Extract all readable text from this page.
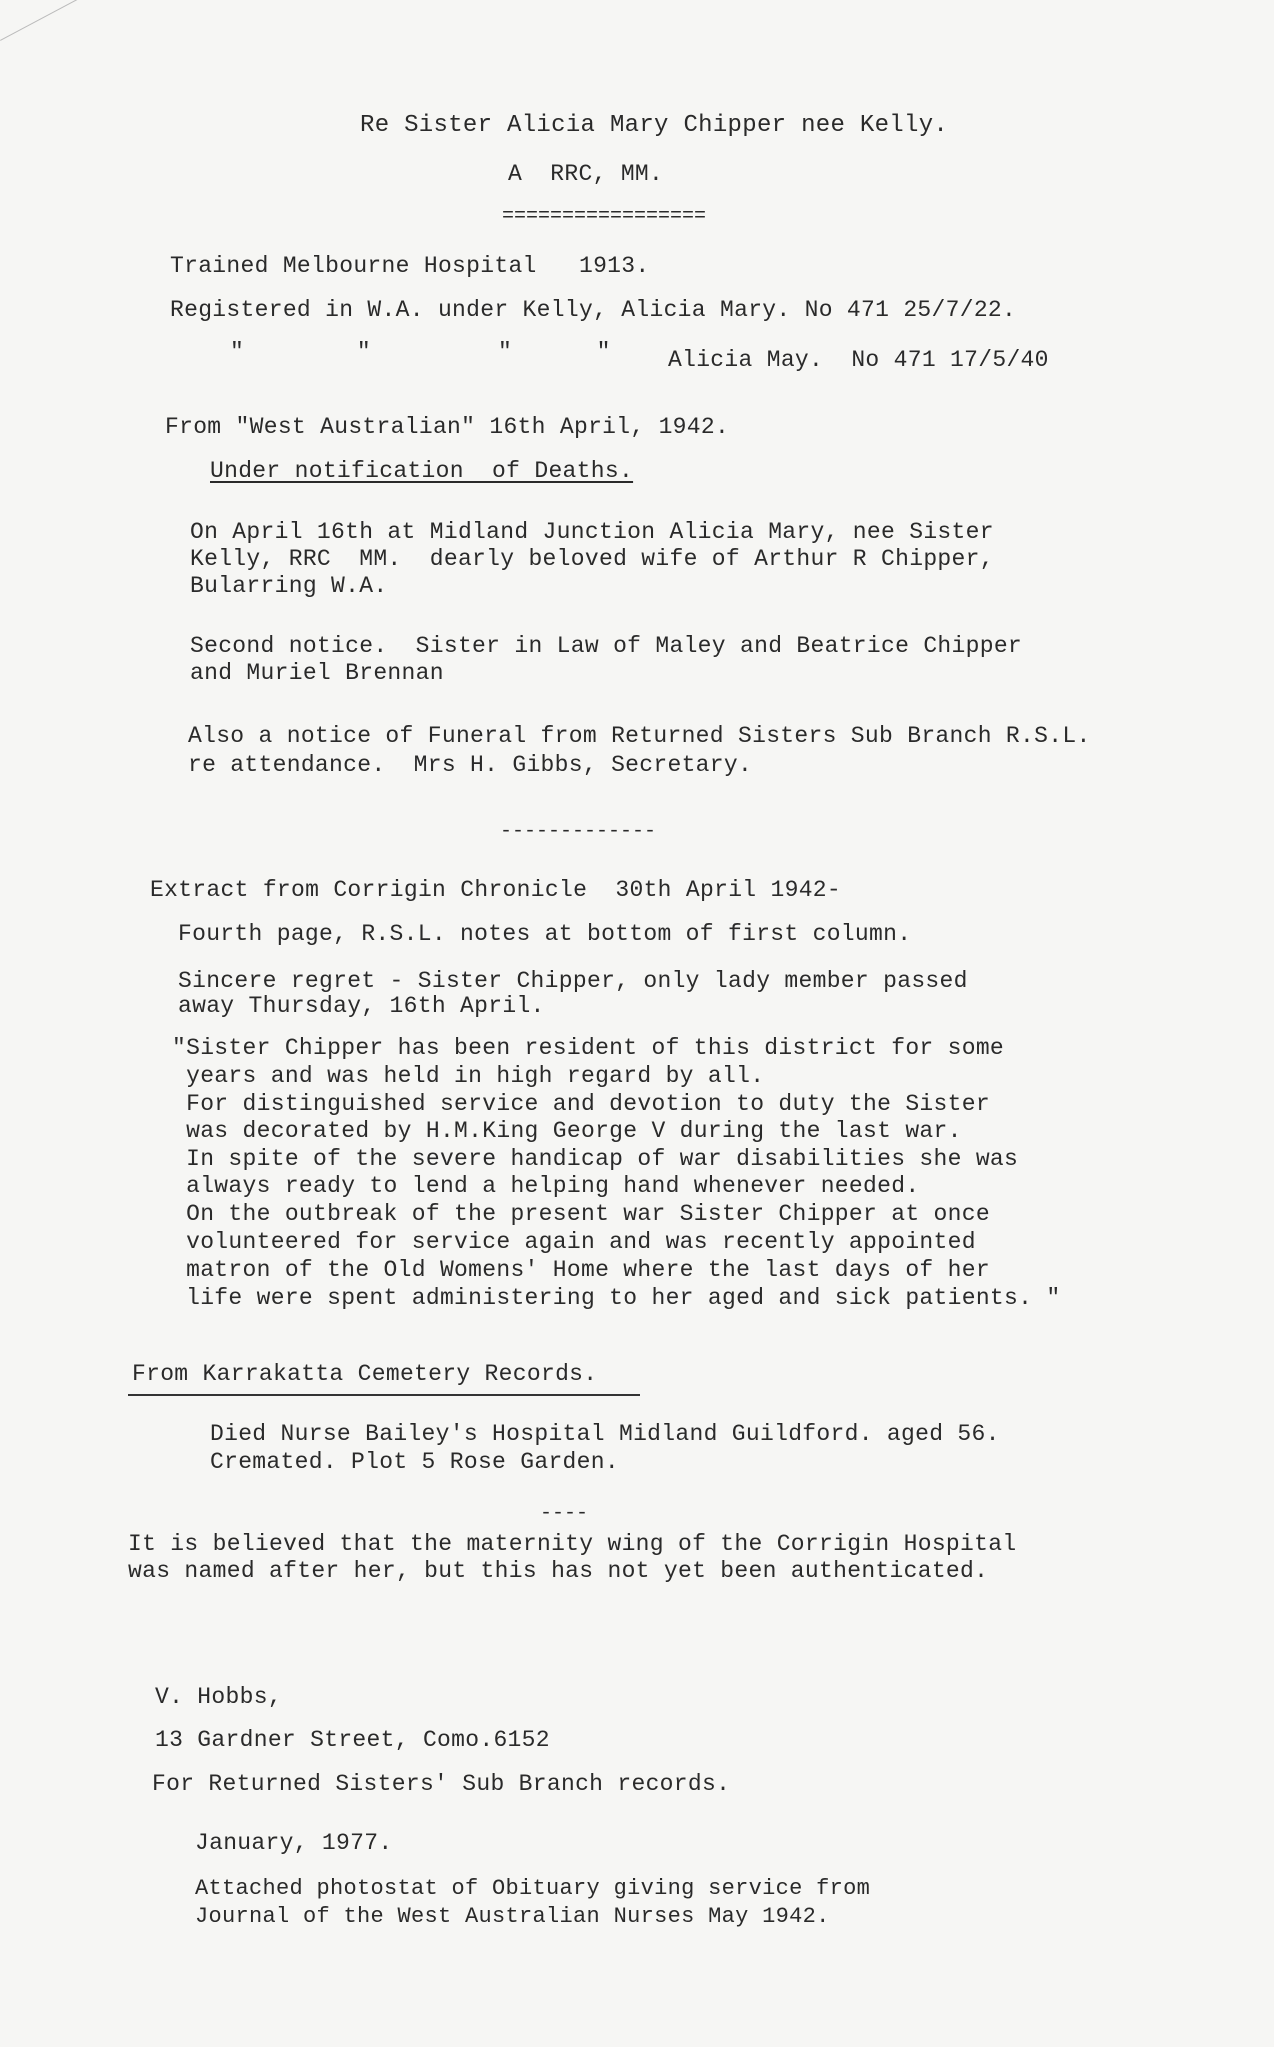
Re Sister Alicia Mary Chipper nee Kelly.
A  RRC, MM.
=================
Trained Melbourne Hospital   1913.
Registered in W.A. under Kelly, Alicia Mary. No 471 25/7/22.
"        "         "      " Alicia May.  No 471 17/5/40
From "West Australian" 16th April, 1942.
Under notification  of Deaths.
On April 16th at Midland Junction Alicia Mary, nee Sister
Kelly, RRC  MM.  dearly beloved wife of Arthur R Chipper,
Bularring W.A.
Second notice.  Sister in Law of Maley and Beatrice Chipper
and Muriel Brennan
Also a notice of Funeral from Returned Sisters Sub Branch R.S.L.
re attendance.  Mrs H. Gibbs, Secretary.
-------------
Extract from Corrigin Chronicle  30th April 1942-
Fourth page, R.S.L. notes at bottom of first column.
Sincere regret - Sister Chipper, only lady member passed
away Thursday, 16th April.
"Sister Chipper has been resident of this district for some
years and was held in high regard by all.
For distinguished service and devotion to duty the Sister
was decorated by H.M.King George V during the last war.
In spite of the severe handicap of war disabilities she was
always ready to lend a helping hand whenever needed.
On the outbreak of the present war Sister Chipper at once
volunteered for service again and was recently appointed
matron of the Old Womens' Home where the last days of her
life were spent administering to her aged and sick patients. "
From Karrakatta Cemetery Records.
Died Nurse Bailey's Hospital Midland Guildford. aged 56.
Cremated. Plot 5 Rose Garden.
----
It is believed that the maternity wing of the Corrigin Hospital
was named after her, but this has not yet been authenticated.
V. Hobbs,
13 Gardner Street, Como.6152
For Returned Sisters' Sub Branch records.
January, 1977.
Attached photostat of Obituary giving service from
Journal of the West Australian Nurses May 1942.
